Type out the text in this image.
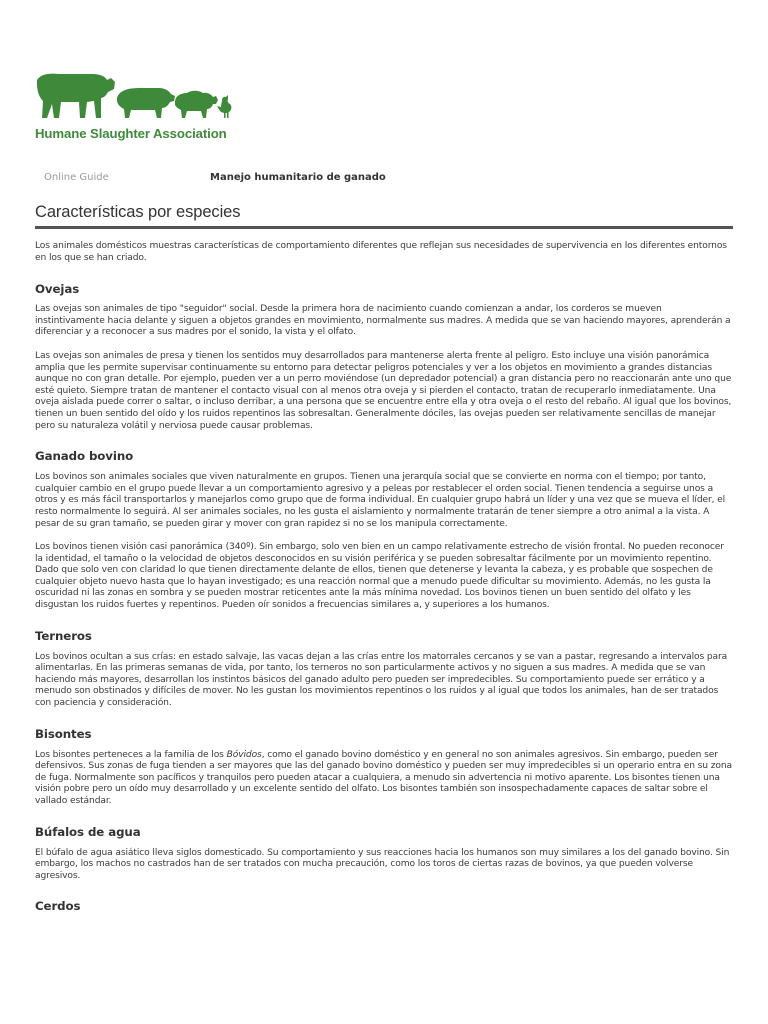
Humane Slaughter Association
Online Guide	Manejo humanitario de ganado
Características por especies

Los animales domésticos muestras características de comportamiento diferentes que reflejan sus necesidades de supervivencia en los diferentes entornos en los que se han criado.

Ovejas

Las ovejas son animales de tipo "seguidor" social. Desde la primera hora de nacimiento cuando comienzan a andar, los corderos se mueven instintivamente hacia delante y siguen a objetos grandes en movimiento, normalmente sus madres. A medida que se van haciendo mayores, aprenderán a diferenciar y a reconocer a sus madres por el sonido, la vista y el olfato.

Las ovejas son animales de presa y tienen los sentidos muy desarrollados para mantenerse alerta frente al peligro. Esto incluye una visión panorámica amplia que les permite supervisar continuamente su entorno para detectar peligros potenciales y ver a los objetos en movimiento a grandes distancias aunque no con gran detalle. Por ejemplo, pueden ver a un perro moviéndose (un depredador potencial) a gran distancia pero no reaccionarán ante uno que esté quieto. Siempre tratan de mantener el contacto visual con al menos otra oveja y si pierden el contacto, tratan de recuperarlo inmediatamente. Una oveja aislada puede correr o saltar, o incluso derribar, a una persona que se encuentre entre ella y otra oveja o el resto del rebaño. Al igual que los bovinos, tienen un buen sentido del oído y los ruidos repentinos las sobresaltan. Generalmente dóciles, las ovejas pueden ser relativamente sencillas de manejar pero su naturaleza volátil y nerviosa puede causar problemas.

Ganado bovino

Los bovinos son animales sociales que viven naturalmente en grupos. Tienen una jerarquía social que se convierte en norma con el tiempo; por tanto, cualquier cambio en el grupo puede llevar a un comportamiento agresivo y a peleas por restablecer el orden social. Tienen tendencia a seguirse unos a otros y es más fácil transportarlos y manejarlos como grupo que de forma individual. En cualquier grupo habrá un líder y una vez que se mueva el líder, el resto normalmente lo seguirá. Al ser animales sociales, no les gusta el aislamiento y normalmente tratarán de tener siempre a otro animal a la vista. A pesar de su gran tamaño, se pueden girar y mover con gran rapidez si no se los manipula correctamente.

Los bovinos tienen visión casi panorámica (340º). Sin embargo, solo ven bien en un campo relativamente estrecho de visión frontal. No pueden reconocer la identidad, el tamaño o la velocidad de objetos desconocidos en su visión periférica y se pueden sobresaltar fácilmente por un movimiento repentino. Dado que solo ven con claridad lo que tienen directamente delante de ellos, tienen que detenerse y levanta la cabeza, y es probable que sospechen de cualquier objeto nuevo hasta que lo hayan investigado; es una reacción normal que a menudo puede dificultar su movimiento. Además, no les gusta la oscuridad ni las zonas en sombra y se pueden mostrar reticentes ante la más mínima novedad. Los bovinos tienen un buen sentido del olfato y les disgustan los ruidos fuertes y repentinos. Pueden oír sonidos a frecuencias similares a, y superiores a los humanos.

Terneros

Los bovinos ocultan a sus crías: en estado salvaje, las vacas dejan a las crías entre los matorrales cercanos y se van a pastar, regresando a intervalos para alimentarlas. En las primeras semanas de vida, por tanto, los terneros no son particularmente activos y no siguen a sus madres. A medida que se van haciendo más mayores, desarrollan los instintos básicos del ganado adulto pero pueden ser impredecibles. Su comportamiento puede ser errático y a menudo son obstinados y difíciles de mover. No les gustan los movimientos repentinos o los ruidos y al igual que todos los animales, han de ser tratados con paciencia y consideración.

Bisontes

Los bisontes perteneces a la familia de los Bóvidos, como el ganado bovino doméstico y en general no son animales agresivos. Sin embargo, pueden ser defensivos. Sus zonas de fuga tienden a ser mayores que las del ganado bovino doméstico y pueden ser muy impredecibles si un operario entra en su zona de fuga. Normalmente son pacíficos y tranquilos pero pueden atacar a cualquiera, a menudo sin advertencia ni motivo aparente. Los bisontes tienen una visión pobre pero un oído muy desarrollado y un excelente sentido del olfato. Los bisontes también son insospechadamente capaces de saltar sobre el vallado estándar.

Búfalos de agua

El búfalo de agua asiático lleva siglos domesticado. Su comportamiento y sus reacciones hacia los humanos son muy similares a los del ganado bovino. Sin embargo, los machos no castrados han de ser tratados con mucha precaución, como los toros de ciertas razas de bovinos, ya que pueden volverse agresivos.

Cerdos
